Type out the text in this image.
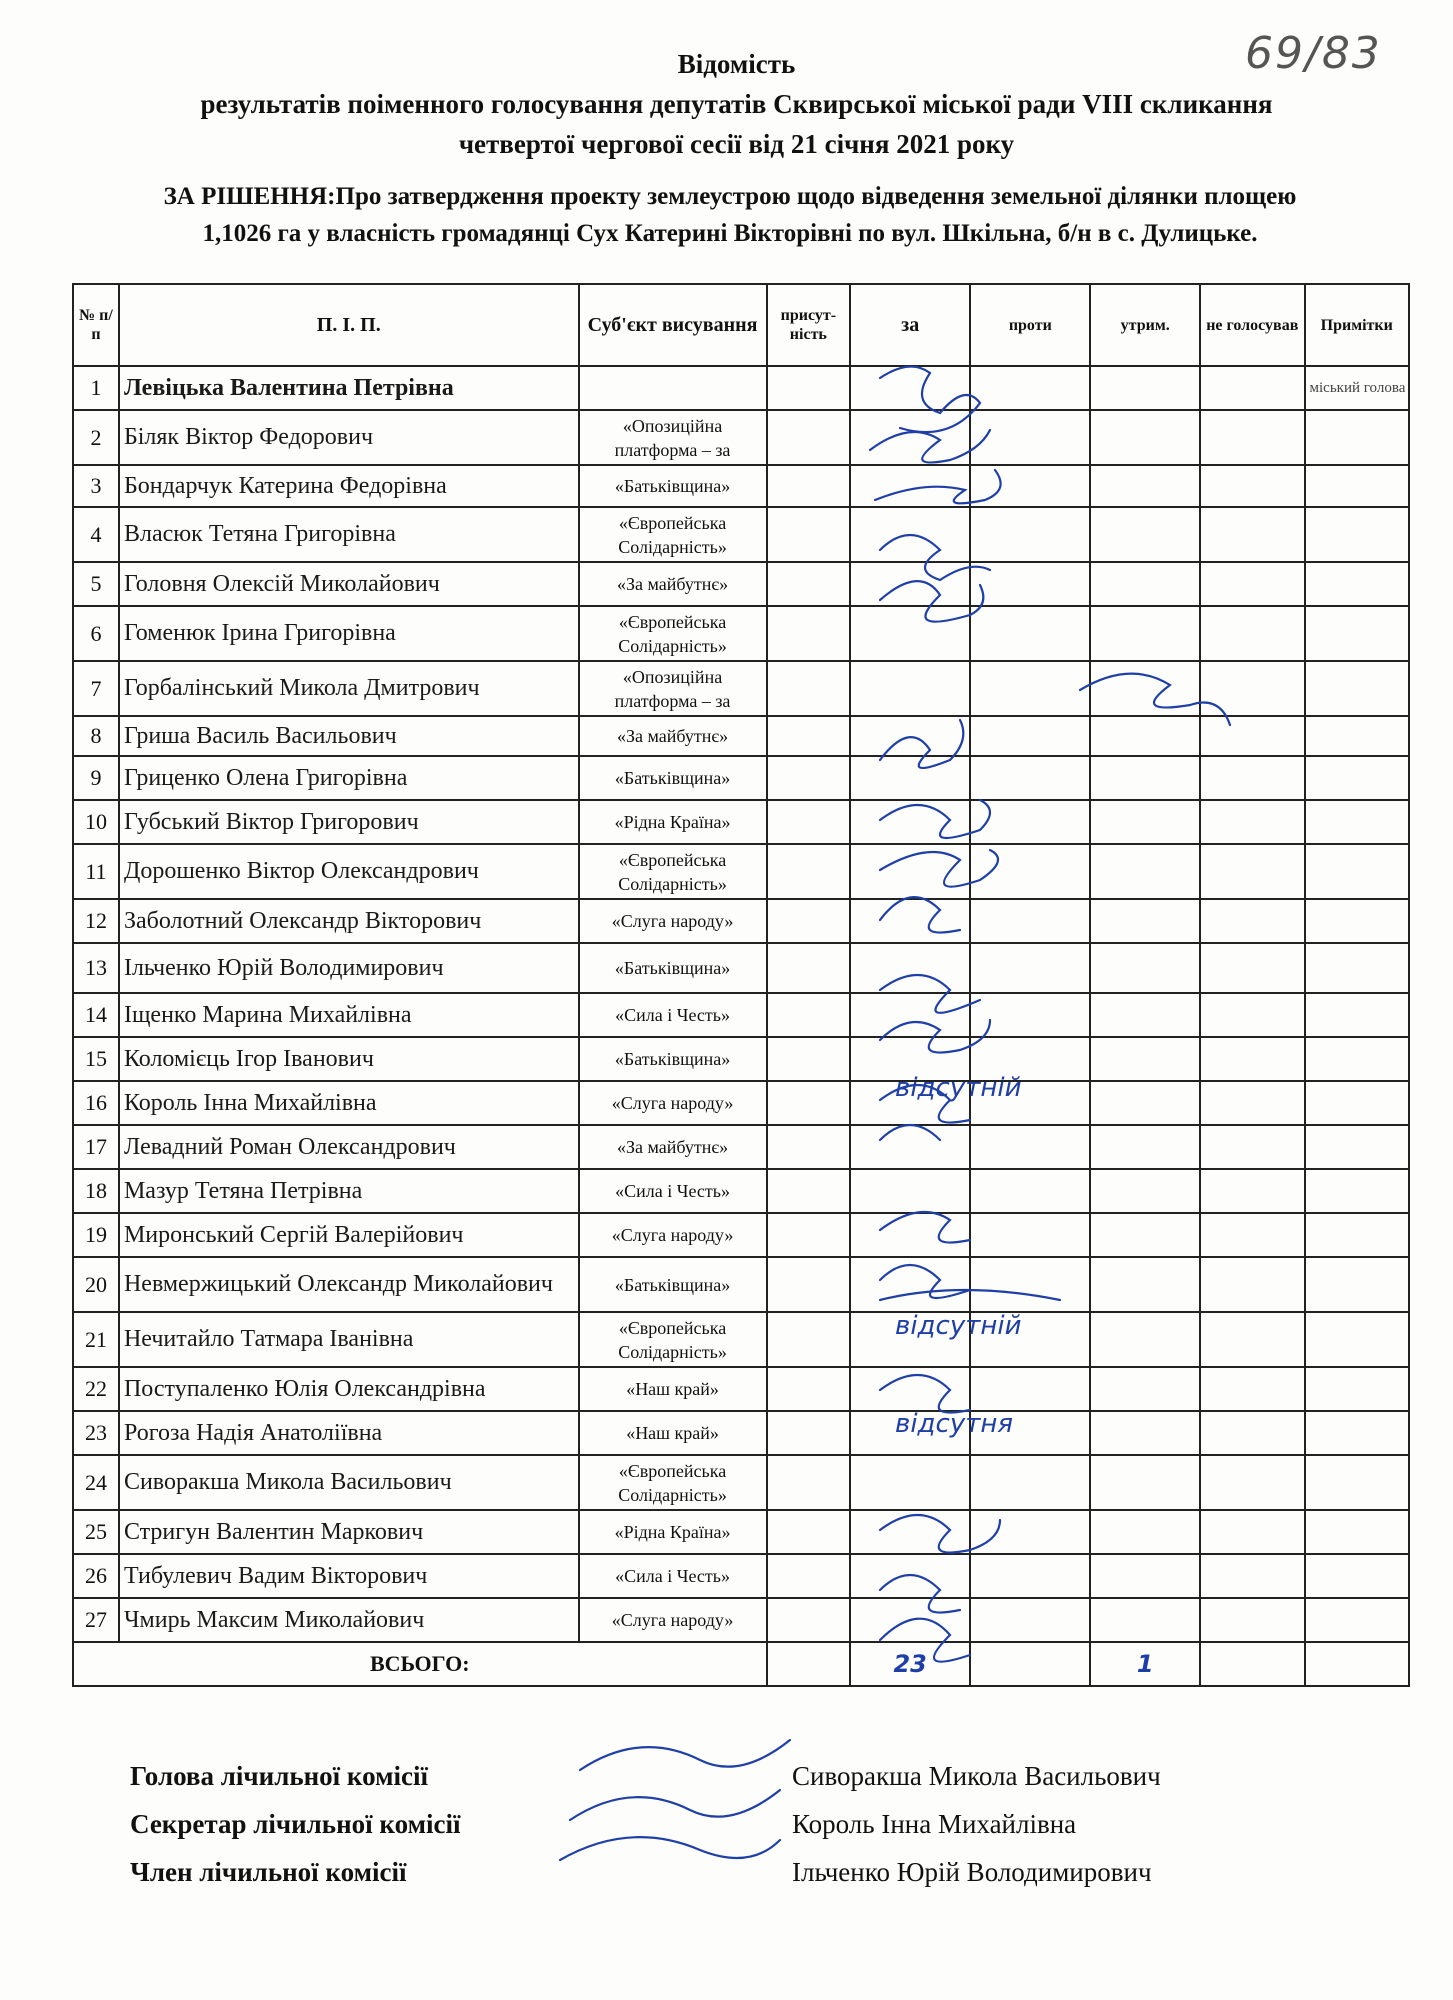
69/83
Відомість
результатів поіменного голосування депутатів Сквирської міської ради VIII скликання
четвертої чергової сесії від 21 січня 2021 року
ЗА РІШЕННЯ:Про затвердження проекту землеустрою щодо відведення земельної ділянки площею
1,1026 га у власність громадянці Сух Катерині Вікторівні по вул. Шкільна, б/н в с. Дулицьке.
№ п/п	П. І. П.	Суб'єкт висування	присут-ність	за	проти	утрим.	не голосував	Примітки
1	Левіцька Валентина Петрівна							міський голова
2	Біляк Віктор Федорович	«Опозиційна платформа – за						
3	Бондарчук Катерина Федорівна	«Батьківщина»						
4	Власюк Тетяна Григорівна	«Європейська Солідарність»						
5	Головня Олексій Миколайович	«За майбутнє»						
6	Гоменюк Ірина Григорівна	«Європейська Солідарність»						
7	Горбалінський Микола Дмитрович	«Опозиційна платформа – за						
8	Гриша Василь Васильович	«За майбутнє»						
9	Гриценко Олена Григорівна	«Батьківщина»						
10	Губський Віктор Григорович	«Рідна Країна»						
11	Дорошенко Віктор Олександрович	«Європейська Солідарність»						
12	Заболотний Олександр Вікторович	«Слуга народу»						
13	Ільченко Юрій Володимирович	«Батьківщина»						
14	Іщенко Марина Михайлівна	«Сила і Честь»						
15	Коломієць Ігор Іванович	«Батьківщина»						
16	Король Інна Михайлівна	«Слуга народу»						
17	Левадний Роман Олександрович	«За майбутнє»						
18	Мазур Тетяна Петрівна	«Сила і Честь»						
19	Миронський Сергій Валерійович	«Слуга народу»						
20	Невмержицький Олександр Миколайович	«Батьківщина»						
21	Нечитайло Татмара Іванівна	«Європейська Солідарність»						
22	Поступаленко Юлія Олександрівна	«Наш край»						
23	Рогоза Надія Анатоліївна	«Наш край»						
24	Сиворакша Микола Васильович	«Європейська Солідарність»						
25	Стригун Валентин Маркович	«Рідна Країна»						
26	Тибулевич Вадим Вікторович	«Сила і Честь»						
27	Чмирь Максим Миколайович	«Слуга народу»						
ВСЬОГО:				23		1		
Голова лічильної комісії	Сиворакша Микола Васильович
Секретар лічильної комісії	Король Інна Михайлівна
Член лічильної комісії	Ільченко Юрій Володимирович
відсутній
відсутній
відсутня
